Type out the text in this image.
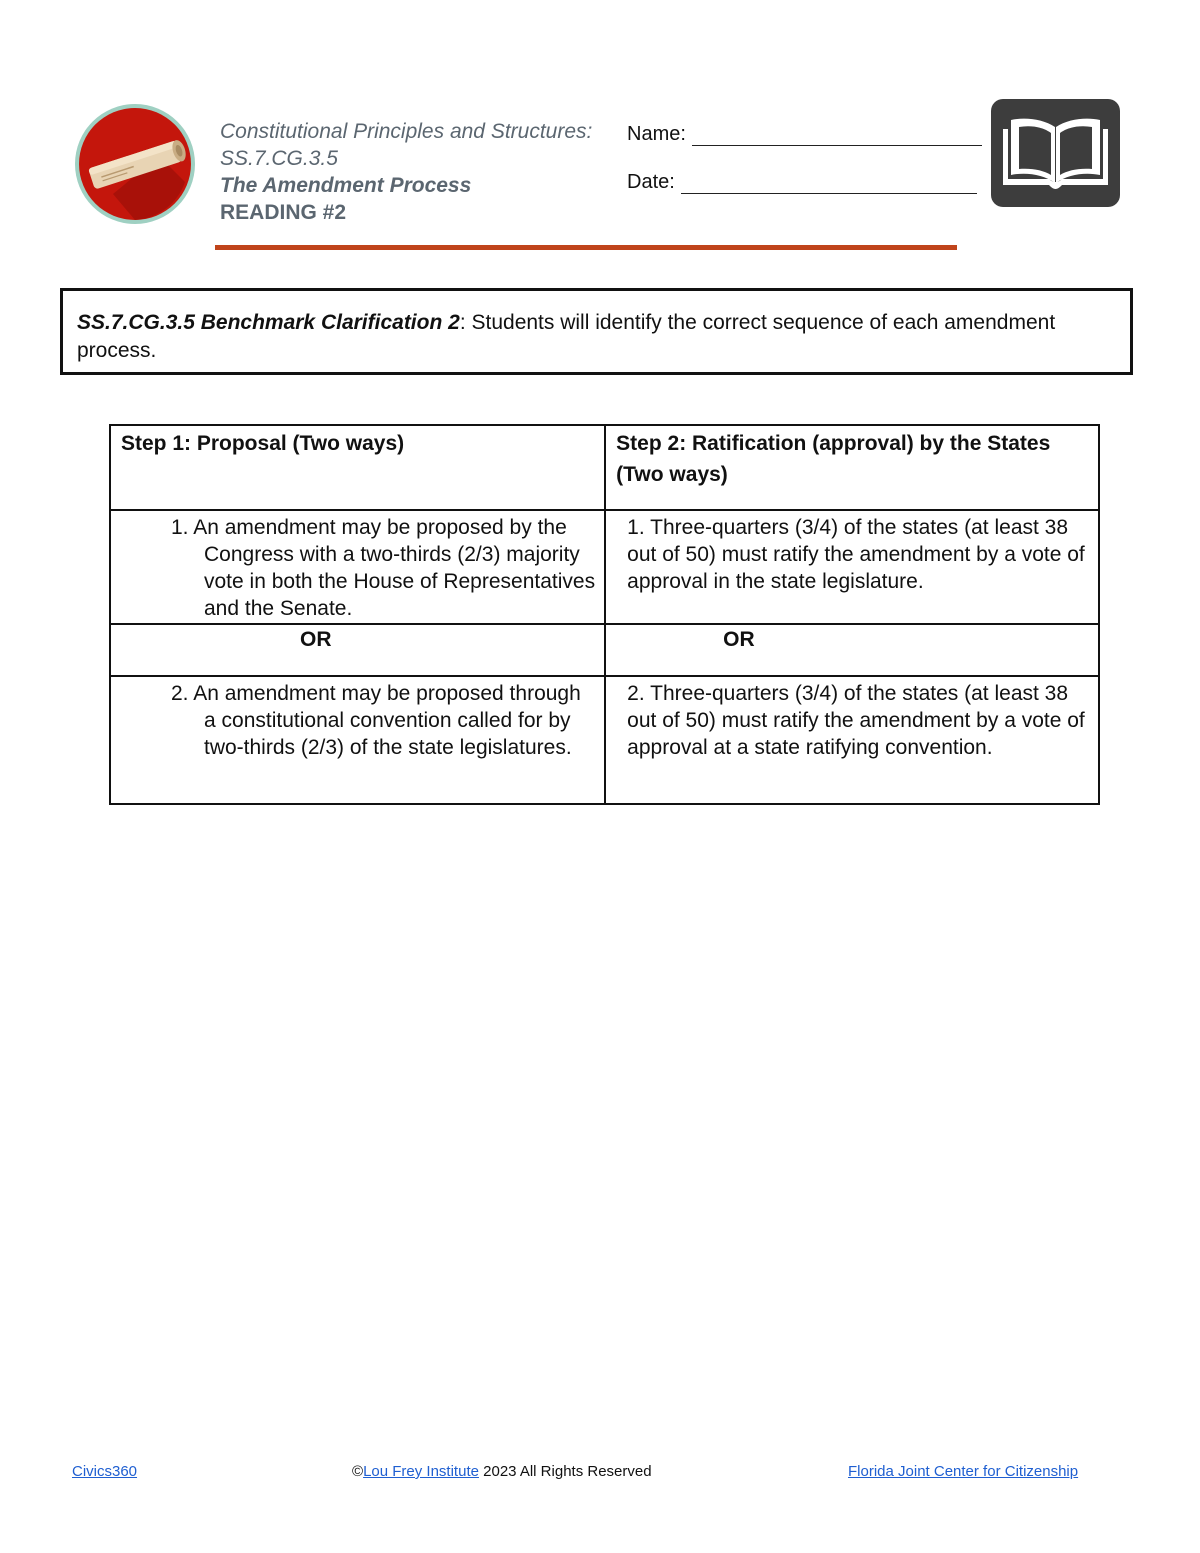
Constitutional Principles and Structures: SS.7.CG.3.5
The Amendment Process
READING #2
Name:
Date:
SS.7.CG.3.5 Benchmark Clarification 2: Students will identify the correct sequence of each amendment process.
Step 1: Proposal (Two ways)	Step 2: Ratification (approval) by the States (Two ways)

1. An amendment may be proposed by the Congress with a two-thirds (2/3) majority vote in both the House of Representatives and the Senate.	1. Three-quarters (3/4) of the states (at least 38 out of 50) must ratify the amendment by a vote of approval in the state legislature.

OR	OR

2. An amendment may be proposed through a constitutional convention called for by two-thirds (2/3) of the state legislatures.	2. Three-quarters (3/4) of the states (at least 38 out of 50) must ratify the amendment by a vote of approval at a state ratifying convention.
Civics360	©Lou Frey Institute 2023 All Rights Reserved	Florida Joint Center for Citizenship
